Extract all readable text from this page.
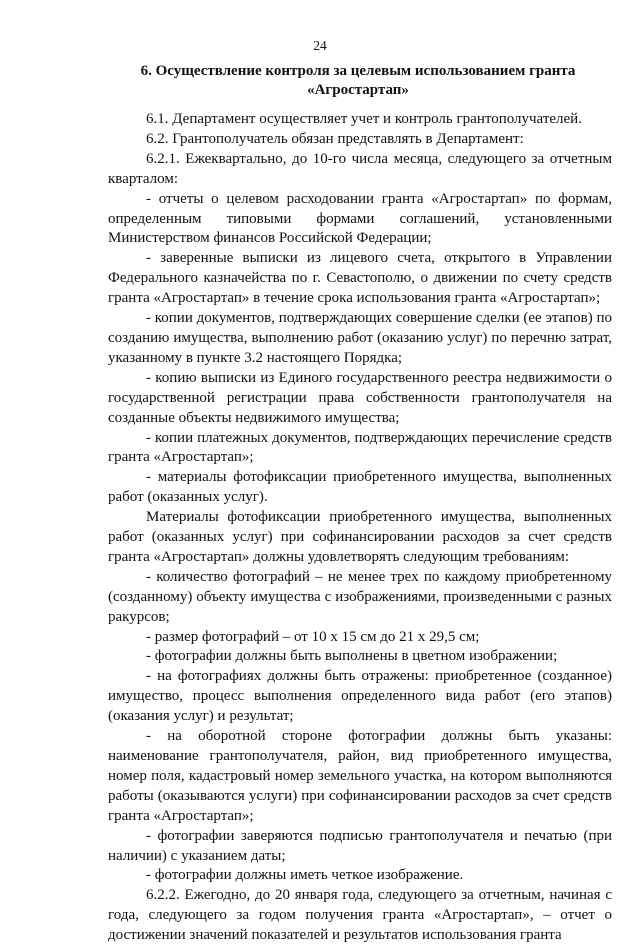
24
6. Осуществление контроля за целевым использованием гранта
«Агростартап»

6.1. Департамент осуществляет учет и контроль грантополучателей.

6.2. Грантополучатель обязан представлять в Департамент:

6.2.1. Ежеквартально, до 10-го числа месяца, следующего за отчетным кварталом:

- отчеты о целевом расходовании гранта «Агростартап» по формам, определенным типовыми формами соглашений, установленными Министерством финансов Российской Федерации;

- заверенные выписки из лицевого счета, открытого в Управлении Федерального казначейства по г. Севастополю, о движении по счету средств гранта «Агростартап» в течение срока использования гранта «Агростартап»;

- копии документов, подтверждающих совершение сделки (ее этапов) по созданию имущества, выполнению работ (оказанию услуг) по перечню затрат, указанному в пункте 3.2 настоящего Порядка;

- копию выписки из Единого государственного реестра недвижимости о государственной регистрации права собственности грантополучателя на созданные объекты недвижимого имущества;

- копии платежных документов, подтверждающих перечисление средств гранта «Агростартап»;

- материалы фотофиксации приобретенного имущества, выполненных работ (оказанных услуг).

Материалы фотофиксации приобретенного имущества, выполненных работ (оказанных услуг) при софинансировании расходов за счет средств гранта «Агростартап» должны удовлетворять следующим требованиям:

- количество фотографий – не менее трех по каждому приобретенному (созданному) объекту имущества с изображениями, произведенными с разных ракурсов;

- размер фотографий – от 10 х 15 см до 21 х 29,5 см;

- фотографии должны быть выполнены в цветном изображении;

- на фотографиях должны быть отражены: приобретенное (созданное) имущество, процесс выполнения определенного вида работ (его этапов) (оказания услуг) и результат;

- на оборотной стороне фотографии должны быть указаны: наименование грантополучателя, район, вид приобретенного имущества, номер поля, кадастровый номер земельного участка, на котором выполняются работы (оказываются услуги) при софинансировании расходов за счет средств гранта «Агростартап»;

- фотографии заверяются подписью грантополучателя и печатью (при наличии) с указанием даты;

- фотографии должны иметь четкое изображение.

6.2.2. Ежегодно, до 20 января года, следующего за отчетным, начиная с года, следующего за годом получения гранта «Агростартап», – отчет о достижении значений показателей и результатов использования гранта
